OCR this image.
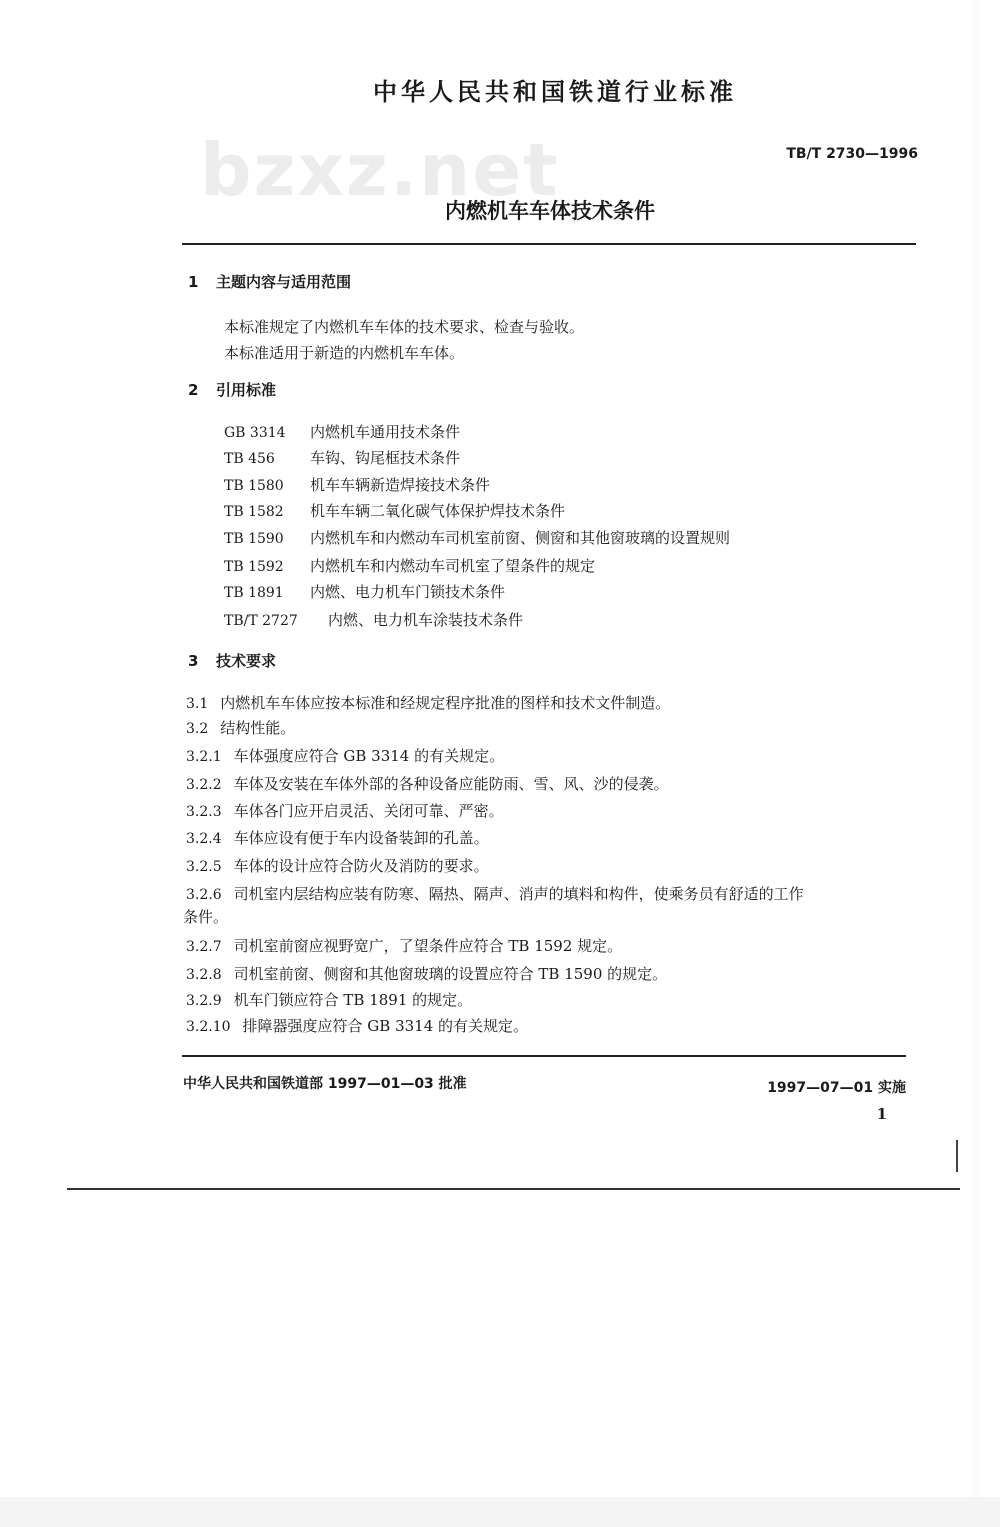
bzxz.net
中华人民共和国铁道行业标准
TB/T 2730—1996
内燃机车车体技术条件
1 主题内容与适用范围
本标准规定了内燃机车车体的技术要求、检查与验收。
本标准适用于新造的内燃机车车体。
2 引用标准
GB 3314 内燃机车通用技术条件
TB 456 车钩、钩尾框技术条件
TB 1580 机车车辆新造焊接技术条件
TB 1582 机车车辆二氧化碳气体保护焊技术条件
TB 1590 内燃机车和内燃动车司机室前窗、侧窗和其他窗玻璃的设置规则
TB 1592 内燃机车和内燃动车司机室了望条件的规定
TB 1891 内燃、电力机车门锁技术条件
TB/T 2727 内燃、电力机车涂装技术条件
3 技术要求
3.1 内燃机车车体应按本标准和经规定程序批准的图样和技术文件制造。
3.2 结构性能。
3.2.1 车体强度应符合 GB 3314 的有关规定。
3.2.2 车体及安装在车体外部的各种设备应能防雨、雪、风、沙的侵袭。
3.2.3 车体各门应开启灵活、关闭可靠、严密。
3.2.4 车体应设有便于车内设备装卸的孔盖。
3.2.5 车体的设计应符合防火及消防的要求。
3.2.6 司机室内层结构应装有防寒、隔热、隔声、消声的填料和构件，使乘务员有舒适的工作
条件。
3.2.7 司机室前窗应视野宽广，了望条件应符合 TB 1592 规定。
3.2.8 司机室前窗、侧窗和其他窗玻璃的设置应符合 TB 1590 的规定。
3.2.9 机车门锁应符合 TB 1891 的规定。
3.2.10 排障器强度应符合 GB 3314 的有关规定。
中华人民共和国铁道部 1997—01—03 批准	1997—07—01 实施
1
